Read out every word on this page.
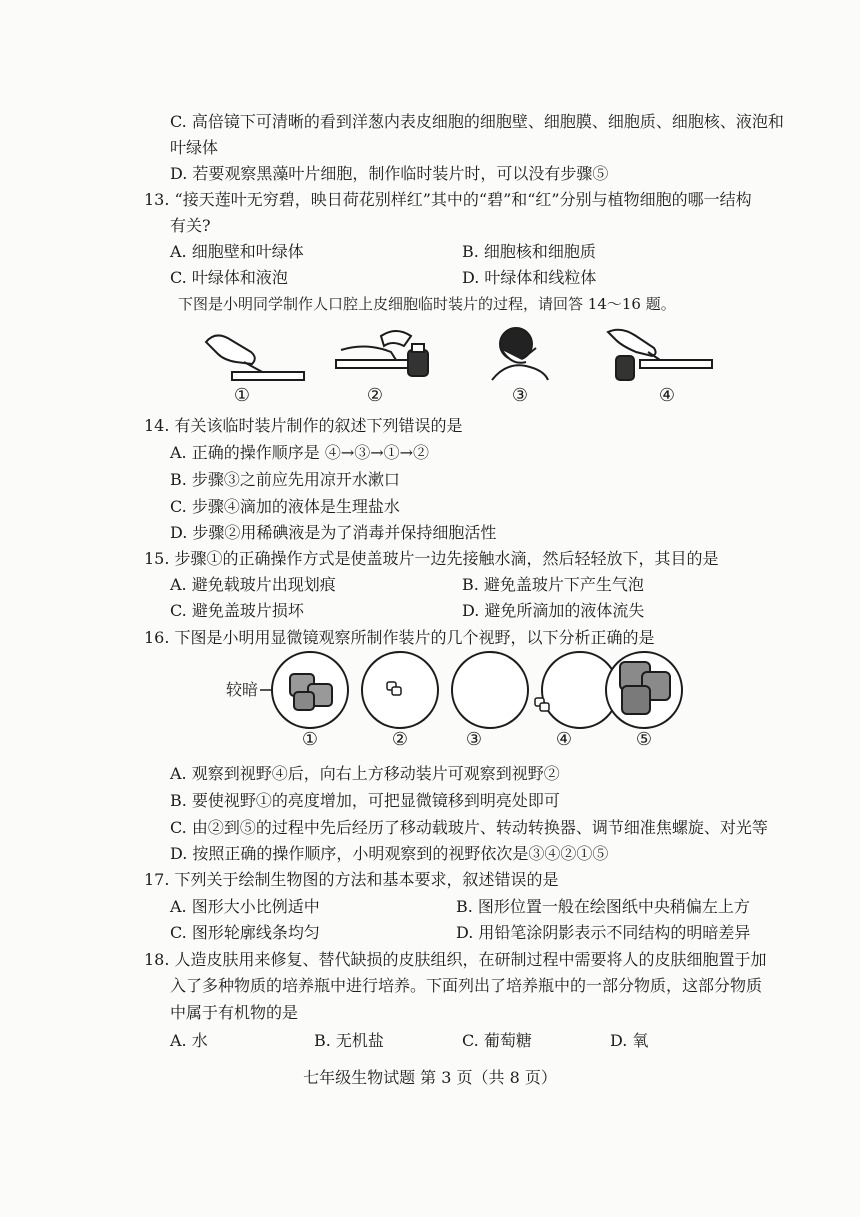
C. 高倍镜下可清晰的看到洋葱内表皮细胞的细胞壁、细胞膜、细胞质、细胞核、液泡和
叶绿体
D. 若要观察黑藻叶片细胞，制作临时装片时，可以没有步骤⑤
13. “接天莲叶无穷碧，映日荷花别样红”其中的“碧”和“红”分别与植物细胞的哪一结构
有关?
A. 细胞壁和叶绿体	B. 细胞核和细胞质
C. 叶绿体和液泡	D. 叶绿体和线粒体
下图是小明同学制作人口腔上皮细胞临时装片的过程，请回答 14～16 题。
①	②	③	④
14. 有关该临时装片制作的叙述下列错误的是
A. 正确的操作顺序是 ④→③→①→②
B. 步骤③之前应先用凉开水漱口
C. 步骤④滴加的液体是生理盐水
D. 步骤②用稀碘液是为了消毒并保持细胞活性
15. 步骤①的正确操作方式是使盖玻片一边先接触水滴，然后轻轻放下，其目的是
A. 避免载玻片出现划痕	B. 避免盖玻片下产生气泡
C. 避免盖玻片损坏	D. 避免所滴加的液体流失
16. 下图是小明用显微镜观察所制作装片的几个视野，以下分析正确的是
较暗
①	②	③	④	⑤
A. 观察到视野④后，向右上方移动装片可观察到视野②
B. 要使视野①的亮度增加，可把显微镜移到明亮处即可
C. 由②到⑤的过程中先后经历了移动载玻片、转动转换器、调节细准焦螺旋、对光等
D. 按照正确的操作顺序，小明观察到的视野依次是③④②①⑤
17. 下列关于绘制生物图的方法和基本要求，叙述错误的是
A. 图形大小比例适中	B. 图形位置一般在绘图纸中央稍偏左上方
C. 图形轮廓线条均匀	D. 用铅笔涂阴影表示不同结构的明暗差异
18. 人造皮肤用来修复、替代缺损的皮肤组织，在研制过程中需要将人的皮肤细胞置于加
入了多种物质的培养瓶中进行培养。下面列出了培养瓶中的一部分物质，这部分物质
中属于有机物的是
A. 水	B. 无机盐	C. 葡萄糖	D. 氧
七年级生物试题 第 3 页（共 8 页）
